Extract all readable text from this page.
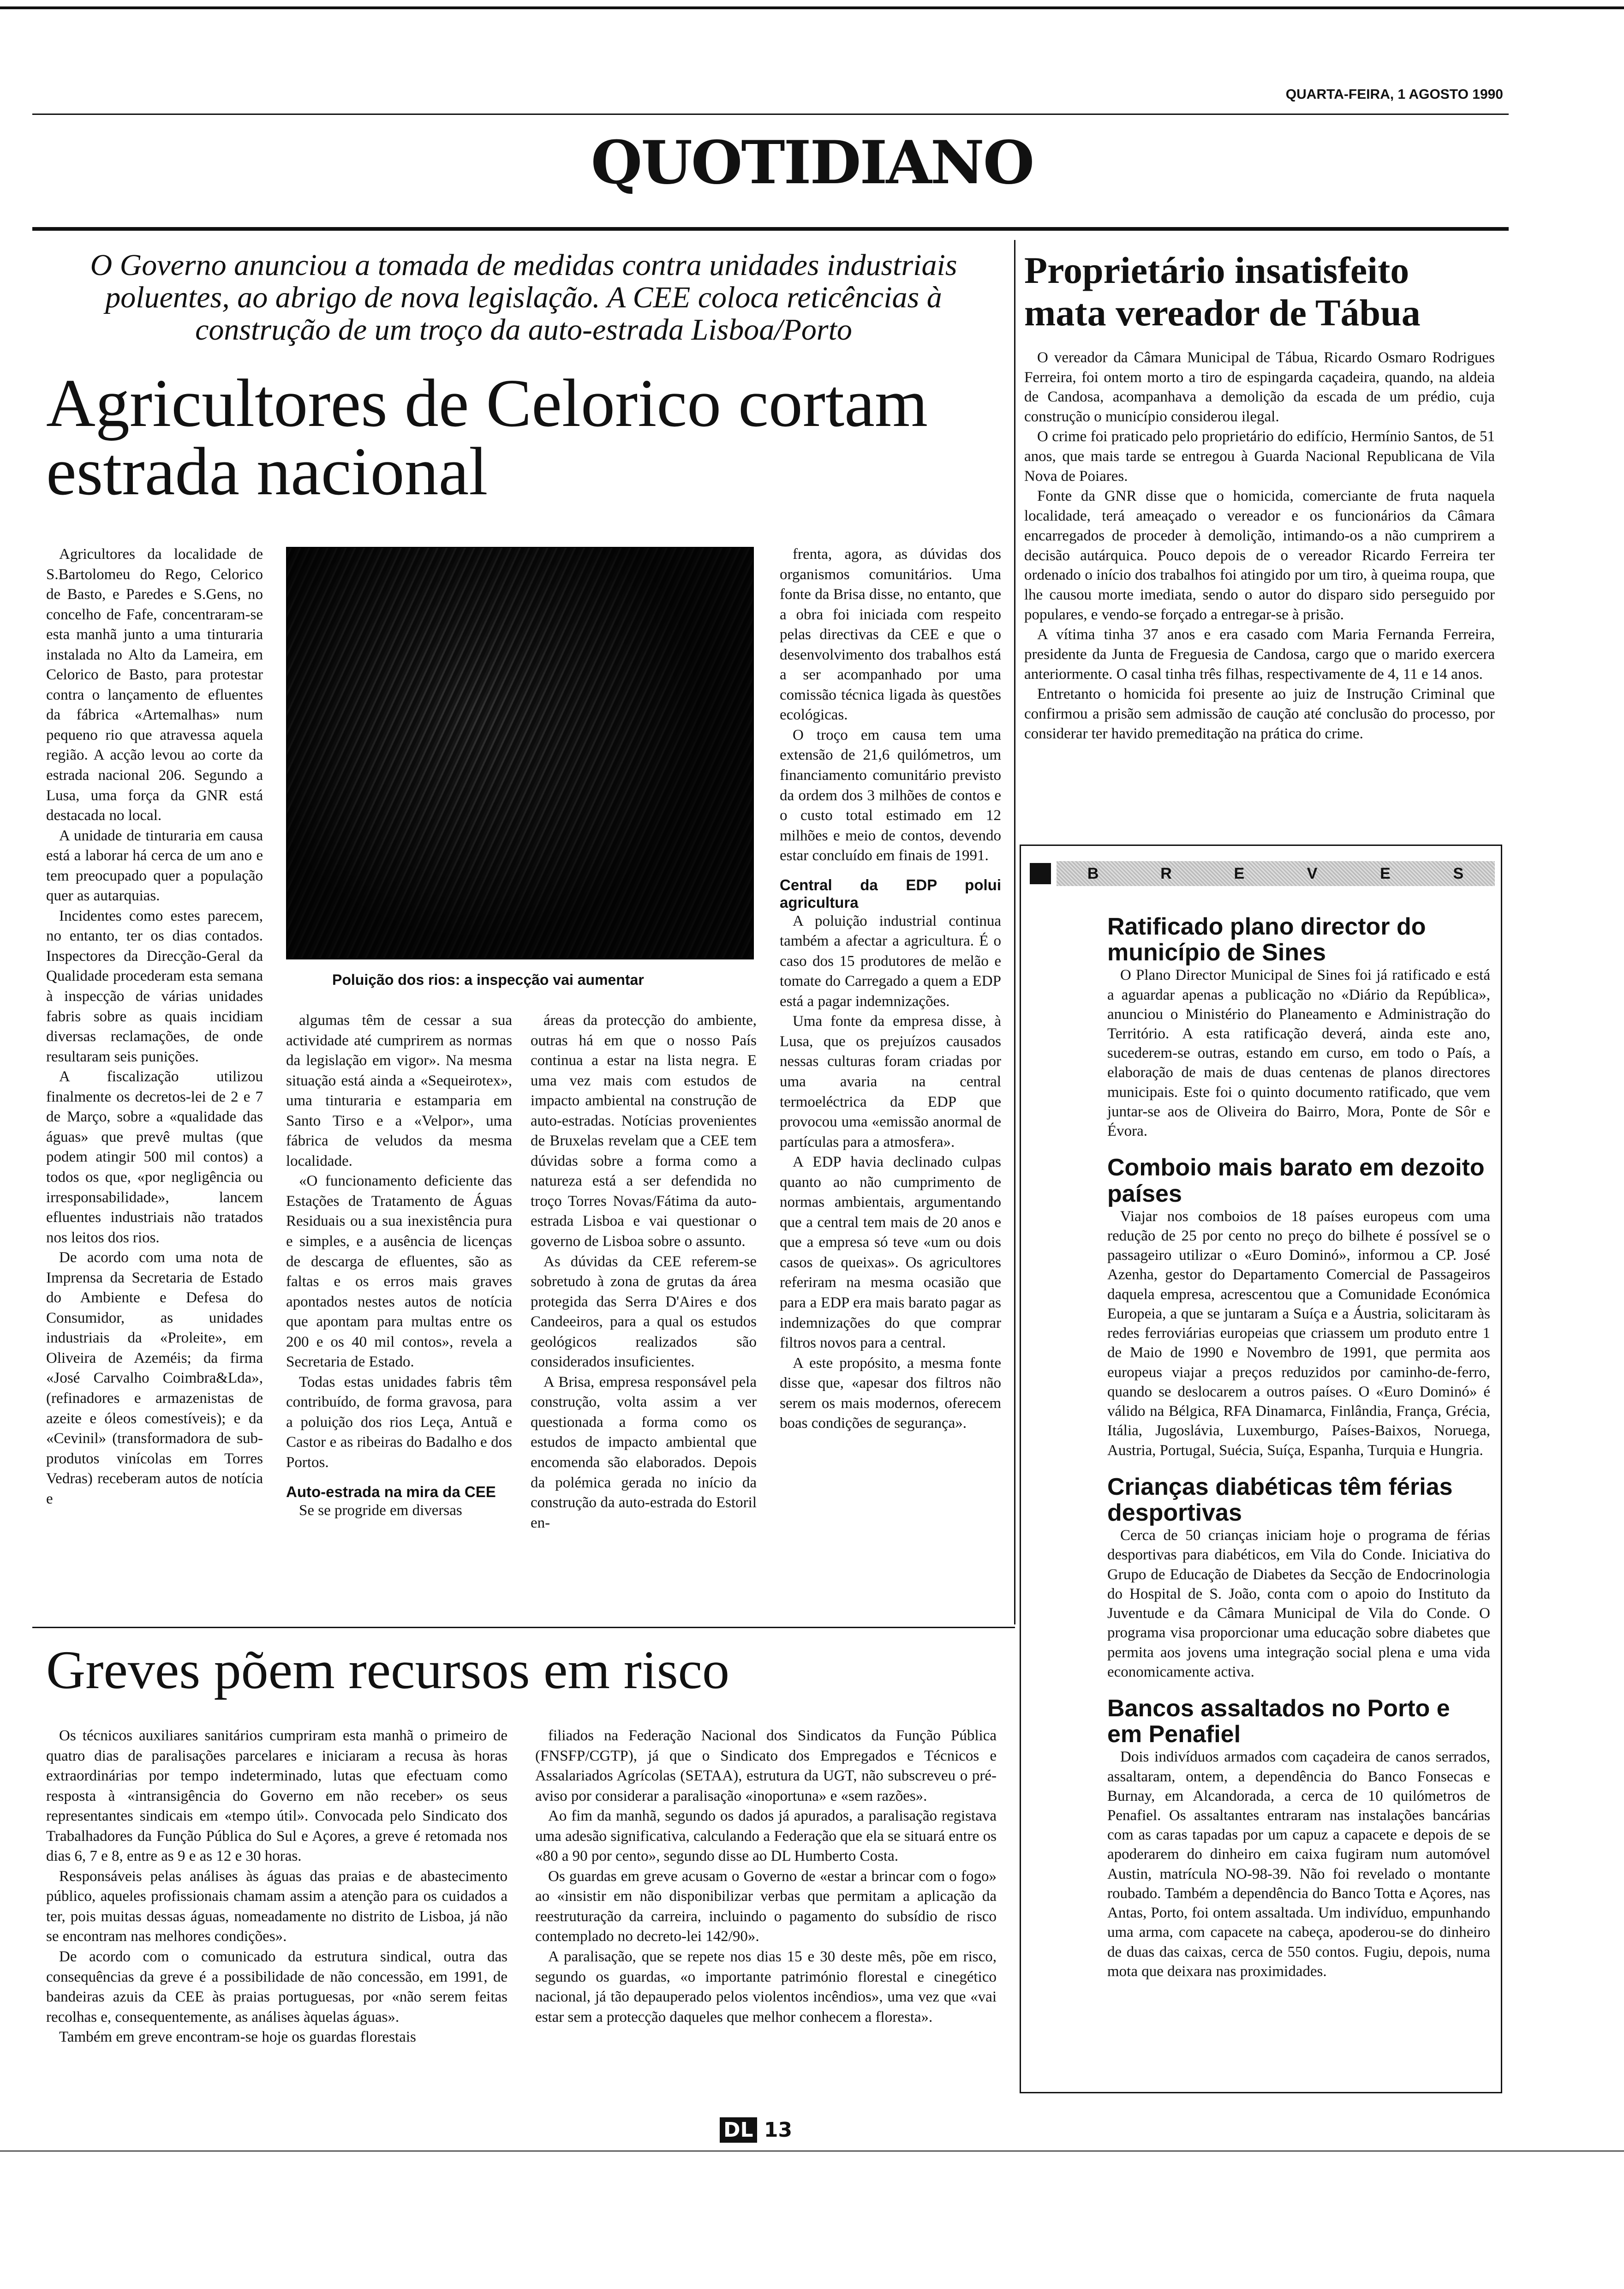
QUARTA-FEIRA, 1 AGOSTO 1990
QUOTIDIANO
O Governo anunciou a tomada de medidas contra unidades industriais poluentes, ao abrigo de nova legislação. A CEE coloca reticências à construção de um troço da auto-estrada Lisboa/Porto
Agricultores de Celorico cortam estrada nacional

Agricultores da localidade de S.Bartolomeu do Rego, Celorico de Basto, e Paredes e S.Gens, no concelho de Fafe, concentraram-se esta manhã junto a uma tinturaria instalada no Alto da Lameira, em Celorico de Basto, para protestar contra o lançamento de efluentes da fábrica «Artemalhas» num pequeno rio que atravessa aquela região. A acção levou ao corte da estrada nacional 206. Segundo a Lusa, uma força da GNR está destacada no local.

A unidade de tinturaria em causa está a laborar há cerca de um ano e tem preocupado quer a população quer as autarquias.

Incidentes como estes parecem, no entanto, ter os dias contados. Inspectores da Direcção-Geral da Qualidade procederam esta semana à inspecção de várias unidades fabris sobre as quais incidiam diversas reclamações, de onde resultaram seis punições.

A fiscalização utilizou finalmente os decretos-lei de 2 e 7 de Março, sobre a «qualidade das águas» que prevê multas (que podem atingir 500 mil contos) a todos os que, «por negligência ou irresponsabilidade», lancem efluentes industriais não tratados nos leitos dos rios.

De acordo com uma nota de Imprensa da Secretaria de Estado do Ambiente e Defesa do Consumidor, as unidades industriais da «Proleite», em Oliveira de Azeméis; da firma «José Carvalho Coimbra&Lda», (refinadores e armazenistas de azeite e óleos comestíveis); e da «Cevinil» (transformadora de sub-produtos vinícolas em Torres Vedras) receberam autos de notícia e

Poluição dos rios: a inspecção vai aumentar

algumas têm de cessar a sua actividade até cumprirem as normas da legislação em vigor». Na mesma situação está ainda a «Sequeirotex», uma tinturaria e estamparia em Santo Tirso e a «Velpor», uma fábrica de veludos da mesma localidade.

«O funcionamento deficiente das Estações de Tratamento de Águas Residuais ou a sua inexistência pura e simples, e a ausência de licenças de descarga de efluentes, são as faltas e os erros mais graves apontados nestes autos de notícia que apontam para multas entre os 200 e os 40 mil contos», revela a Secretaria de Estado.

Todas estas unidades fabris têm contribuído, de forma gravosa, para a poluição dos rios Leça, Antuã e Castor e as ribeiras do Badalho e dos Portos.

Auto-estrada na mira da CEE

Se se progride em diversas

áreas da protecção do ambiente, outras há em que o nosso País continua a estar na lista negra. E uma vez mais com estudos de impacto ambiental na construção de auto-estradas. Notícias provenientes de Bruxelas revelam que a CEE tem dúvidas sobre a forma como a natureza está a ser defendida no troço Torres Novas/Fátima da auto-estrada Lisboa e vai questionar o governo de Lisboa sobre o assunto.

As dúvidas da CEE referem-se sobretudo à zona de grutas da área protegida das Serra D'Aires e dos Candeeiros, para a qual os estudos geológicos realizados são considerados insuficientes.

A Brisa, empresa responsável pela construção, volta assim a ver questionada a forma como os estudos de impacto ambiental que encomenda são elaborados. Depois da polémica gerada no início da construção da auto-estrada do Estoril en-

frenta, agora, as dúvidas dos organismos comunitários. Uma fonte da Brisa disse, no entanto, que a obra foi iniciada com respeito pelas directivas da CEE e que o desenvolvimento dos trabalhos está a ser acompanhado por uma comissão técnica ligada às questões ecológicas.

O troço em causa tem uma extensão de 21,6 quilómetros, um financiamento comunitário previsto da ordem dos 3 milhões de contos e o custo total estimado em 12 milhões e meio de contos, devendo estar concluído em finais de 1991.

Central da EDP polui agricultura

A poluição industrial continua também a afectar a agricultura. É o caso dos 15 produtores de melão e tomate do Carregado a quem a EDP está a pagar indemnizações.

Uma fonte da empresa disse, à Lusa, que os prejuízos causados nessas culturas foram criadas por uma avaria na central termoeléctrica da EDP que provocou uma «emissão anormal de partículas para a atmosfera».

A EDP havia declinado culpas quanto ao não cumprimento de normas ambientais, argumentando que a central tem mais de 20 anos e que a empresa só teve «um ou dois casos de queixas». Os agricultores referiram na mesma ocasião que para a EDP era mais barato pagar as indemnizações do que comprar filtros novos para a central.

A este propósito, a mesma fonte disse que, «apesar dos filtros não serem os mais modernos, oferecem boas condições de segurança».

Proprietário insatisfeito mata vereador de Tábua

O vereador da Câmara Municipal de Tábua, Ricardo Osmaro Rodrigues Ferreira, foi ontem morto a tiro de espingarda caçadeira, quando, na aldeia de Candosa, acompanhava a demolição da escada de um prédio, cuja construção o município considerou ilegal.

O crime foi praticado pelo proprietário do edifício, Hermínio Santos, de 51 anos, que mais tarde se entregou à Guarda Nacional Republicana de Vila Nova de Poiares.

Fonte da GNR disse que o homicida, comerciante de fruta naquela localidade, terá ameaçado o vereador e os funcionários da Câmara encarregados de proceder à demolição, intimando-os a não cumprirem a decisão autárquica. Pouco depois de o vereador Ricardo Ferreira ter ordenado o início dos trabalhos foi atingido por um tiro, à queima roupa, que lhe causou morte imediata, sendo o autor do disparo sido perseguido por populares, e vendo-se forçado a entregar-se à prisão.

A vítima tinha 37 anos e era casado com Maria Fernanda Ferreira, presidente da Junta de Freguesia de Candosa, cargo que o marido exercera anteriormente. O casal tinha três filhas, respectivamente de 4, 11 e 14 anos.

Entretanto o homicida foi presente ao juiz de Instrução Criminal que confirmou a prisão sem admissão de caução até conclusão do processo, por considerar ter havido premeditação na prática do crime.

B	R	E	V	E	S
Ratificado plano director do município de Sines

O Plano Director Municipal de Sines foi já ratificado e está a aguardar apenas a publicação no «Diário da República», anunciou o Ministério do Planeamento e Administração do Território. A esta ratificação deverá, ainda este ano, sucederem-se outras, estando em curso, em todo o País, a elaboração de mais de duas centenas de planos directores municipais. Este foi o quinto documento ratificado, que vem juntar-se aos de Oliveira do Bairro, Mora, Ponte de Sôr e Évora.

Comboio mais barato em dezoito países

Viajar nos comboios de 18 países europeus com uma redução de 25 por cento no preço do bilhete é possível se o passageiro utilizar o «Euro Dominó», informou a CP. José Azenha, gestor do Departamento Comercial de Passageiros daquela empresa, acrescentou que a Comunidade Económica Europeia, a que se juntaram a Suíça e a Áustria, solicitaram às redes ferroviárias europeias que criassem um produto entre 1 de Maio de 1990 e Novembro de 1991, que permita aos europeus viajar a preços reduzidos por caminho-de-ferro, quando se deslocarem a outros países. O «Euro Dominó» é válido na Bélgica, RFA Dinamarca, Finlândia, França, Grécia, Itália, Jugoslávia, Luxemburgo, Países-Baixos, Noruega, Austria, Portugal, Suécia, Suíça, Espanha, Turquia e Hungria.

Crianças diabéticas têm férias desportivas

Cerca de 50 crianças iniciam hoje o programa de férias desportivas para diabéticos, em Vila do Conde. Iniciativa do Grupo de Educação de Diabetes da Secção de Endocrinologia do Hospital de S. João, conta com o apoio do Instituto da Juventude e da Câmara Municipal de Vila do Conde. O programa visa proporcionar uma educação sobre diabetes que permita aos jovens uma integração social plena e uma vida economicamente activa.

Bancos assaltados no Porto e em Penafiel

Dois indivíduos armados com caçadeira de canos serrados, assaltaram, ontem, a dependência do Banco Fonsecas e Burnay, em Alcandorada, a cerca de 10 quilómetros de Penafiel. Os assaltantes entraram nas instalações bancárias com as caras tapadas por um capuz a capacete e depois de se apoderarem do dinheiro em caixa fugiram num automóvel Austin, matrícula NO-98-39. Não foi revelado o montante roubado. Também a dependência do Banco Totta e Açores, nas Antas, Porto, foi ontem assaltada. Um indivíduo, empunhando uma arma, com capacete na cabeça, apoderou-se do dinheiro de duas das caixas, cerca de 550 contos. Fugiu, depois, numa mota que deixara nas proximidades.

Greves põem recursos em risco

Os técnicos auxiliares sanitários cumpriram esta manhã o primeiro de quatro dias de paralisações parcelares e iniciaram a recusa às horas extraordinárias por tempo indeterminado, lutas que efectuam como resposta à «intransigência do Governo em não receber» os seus representantes sindicais em «tempo útil». Convocada pelo Sindicato dos Trabalhadores da Função Pública do Sul e Açores, a greve é retomada nos dias 6, 7 e 8, entre as 9 e as 12 e 30 horas.

Responsáveis pelas análises às águas das praias e de abastecimento público, aqueles profissionais chamam assim a atenção para os cuidados a ter, pois muitas dessas águas, nomeadamente no distrito de Lisboa, já não se encontram nas melhores condições».

De acordo com o comunicado da estrutura sindical, outra das consequências da greve é a possibilidade de não concessão, em 1991, de bandeiras azuis da CEE às praias portuguesas, por «não serem feitas recolhas e, consequentemente, as análises àquelas águas».

Também em greve encontram-se hoje os guardas florestais

filiados na Federação Nacional dos Sindicatos da Função Pública (FNSFP/CGTP), já que o Sindicato dos Empregados e Técnicos e Assalariados Agrícolas (SETAA), estrutura da UGT, não subscreveu o pré-aviso por considerar a paralisação «inoportuna» e «sem razões».

Ao fim da manhã, segundo os dados já apurados, a paralisação registava uma adesão significativa, calculando a Federação que ela se situará entre os «80 a 90 por cento», segundo disse ao DL Humberto Costa.

Os guardas em greve acusam o Governo de «estar a brincar com o fogo» ao «insistir em não disponibilizar verbas que permitam a aplicação da reestruturação da carreira, incluindo o pagamento do subsídio de risco contemplado no decreto-lei 142/90».

A paralisação, que se repete nos dias 15 e 30 deste mês, põe em risco, segundo os guardas, «o importante património florestal e cinegético nacional, já tão depauperado pelos violentos incêndios», uma vez que «vai estar sem a protecção daqueles que melhor conhecem a floresta».

DL 13
